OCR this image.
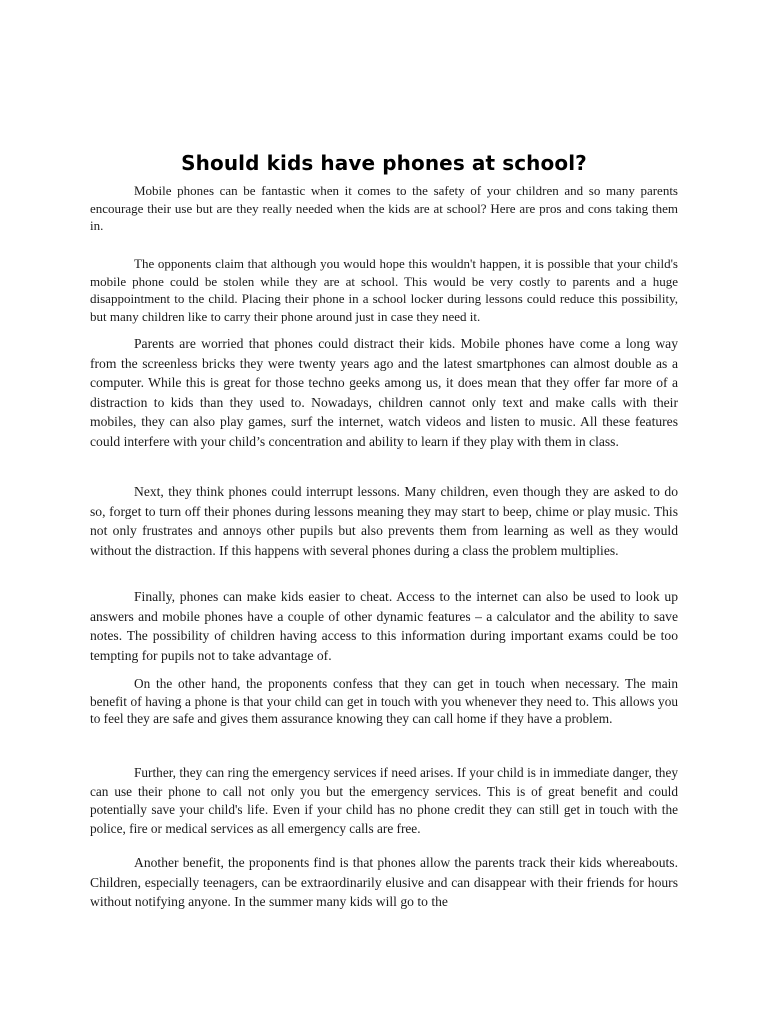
Should kids have phones at school?

Mobile phones can be fantastic when it comes to the safety of your children and so many parents encourage their use but are they really needed when the kids are at school? Here are pros and cons taking them in.

The opponents claim that although you would hope this wouldn't happen, it is possible that your child's mobile phone could be stolen while they are at school. This would be very costly to parents and a huge disappointment to the child. Placing their phone in a school locker during lessons could reduce this possibility, but many children like to carry their phone around just in case they need it.

Parents are worried that phones could distract their kids. Mobile phones have come a long way from the screenless bricks they were twenty years ago and the latest smartphones can almost double as a computer. While this is great for those techno geeks among us, it does mean that they offer far more of a distraction to kids than they used to. Nowadays, children cannot only text and make calls with their mobiles, they can also play games, surf the internet, watch videos and listen to music. All these features could interfere with your child’s concentration and ability to learn if they play with them in class.

Next, they think phones could interrupt lessons. Many children, even though they are asked to do so, forget to turn off their phones during lessons meaning they may start to beep, chime or play music. This not only frustrates and annoys other pupils but also prevents them from learning as well as they would without the distraction. If this happens with several phones during a class the problem multiplies.

Finally, phones can make kids easier to cheat. Access to the internet can also be used to look up answers and mobile phones have a couple of other dynamic features – a calculator and the ability to save notes. The possibility of children having access to this information during important exams could be too tempting for pupils not to take advantage of.

On the other hand, the proponents confess that they can get in touch when necessary. The main benefit of having a phone is that your child can get in touch with you whenever they need to. This allows you to feel they are safe and gives them assurance knowing they can call home if they have a problem.

Further, they can ring the emergency services if need arises. If your child is in immediate danger, they can use their phone to call not only you but the emergency services. This is of great benefit and could potentially save your child's life. Even if your child has no phone credit they can still get in touch with the police, fire or medical services as all emergency calls are free.

Another benefit, the proponents find is that phones allow the parents track their kids whereabouts. Children, especially teenagers, can be extraordinarily elusive and can disappear with their friends for hours without notifying anyone. In the summer many kids will go to the
